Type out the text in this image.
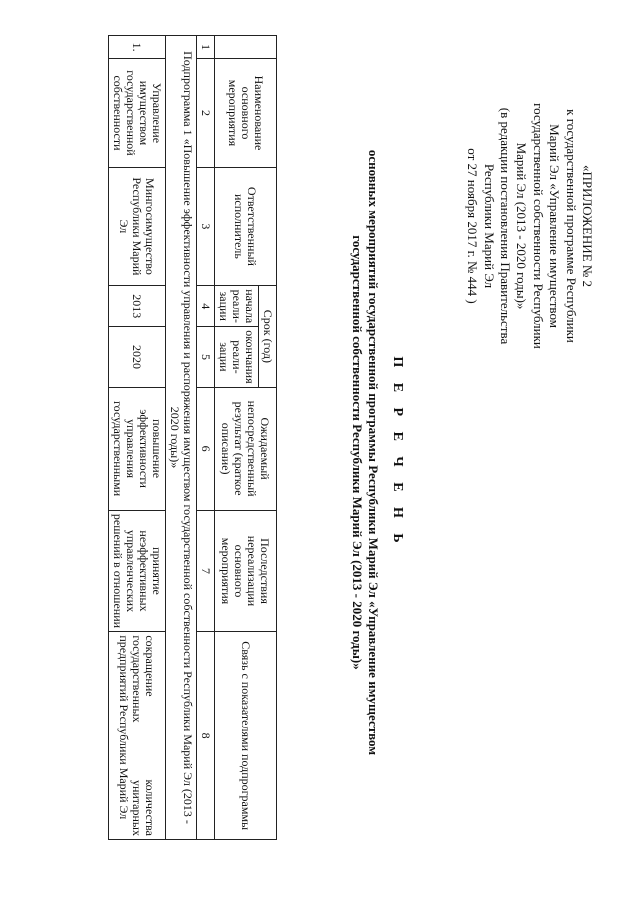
«ПРИЛОЖЕНИЕ № 2
к государственной программе Республики
Марий Эл «Управление имуществом
государственной собственности Республики
Марий Эл (2013 - 2020 годы)»
(в редакции постановления Правительства
Республики Марий Эл
от 27 ноября 2017 г. № 444 )
П Е Р Е Ч Е Н Ь
основных мероприятий государственной программы Республики Марий Эл «Управление имуществом
государственной собственности Республики Марий Эл (2013 - 2020 годы)»
	Наименование основного мероприятия	Ответственный исполнитель	Срок (год)		Ожидаемый непосредственный результат (краткое описание)	Последствия нереализации основного мероприятия	Связь с показателями подпрограммы
			начала реали-зации	окончания реали-зации			
1	2	3	4	5	6	7	8
Подпрограмма 1 «Повышение эффективности управления и распоряжения имуществом государственной собственности Республики Марий Эл (2013 - 2020 годы)»							
1.	Управление имуществом государственной собственности	Мингосимущество Республики Марий Эл	2013	2020	повышение эффективности управления государственными	принятие неэффективных управленческих решений в отношении	сокращение количества государственных унитарных предприятий Республики Марий Эл
